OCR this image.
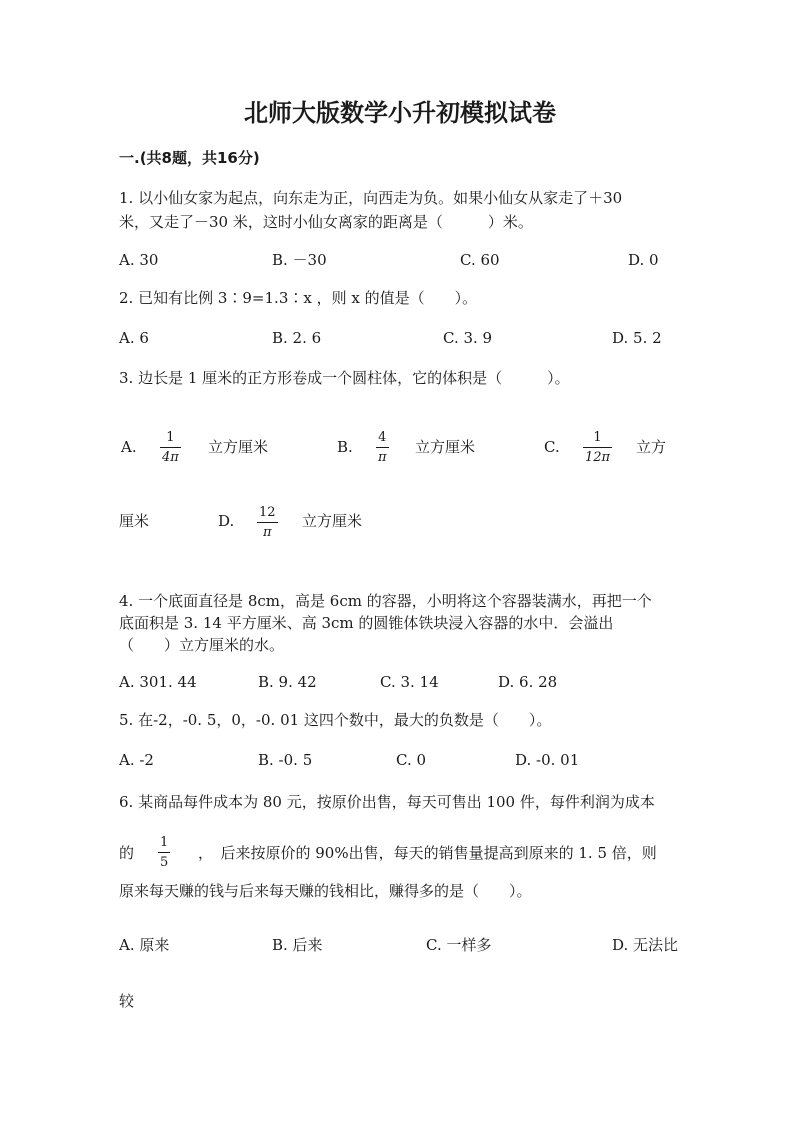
北师大版数学小升初模拟试卷
一.(共8题，共16分)
1. 以小仙女家为起点，向东走为正，向西走为负。如果小仙女从家走了＋30
米，又走了－30 米，这时小仙女离家的距离是（　　　）米。
A. 30	B. －30	C. 60	D. 0
2. 已知有比例 3∶9=1.3∶x ，则 x 的值是（　　）。
A. 6	B. 2. 6	C. 3. 9	D. 5. 2
3. 边长是 1 厘米的正方形卷成一个圆柱体，它的体积是（　　　）。
A.
1
4π
立方厘米	B.
4
π
立方厘米	C.
1
12π
立方
厘米	D. 12
π
立方厘米
4. 一个底面直径是 8cm，高是 6cm 的容器，小明将这个容器装满水，再把一个
底面积是 3. 14 平方厘米、高 3cm 的圆锥体铁块浸入容器的水中．会溢出
（　　）立方厘米的水。
A. 301. 44	B. 9. 42	C. 3. 14	D. 6. 28
5. 在-2，-0. 5，0，-0. 01 这四个数中，最大的负数是（　　）。
A. -2	B. -0. 5	C. 0	D. -0. 01
6. 某商品每件成本为 80 元，按原价出售，每天可售出 100 件，每件利润为成本
的
1
5
，　后来按原价的 90%出售，每天的销售量提高到原来的 1. 5 倍，则
原来每天赚的钱与后来每天赚的钱相比，赚得多的是（　　）。
A. 原来	B. 后来	C. 一样多	D. 无法比
较
